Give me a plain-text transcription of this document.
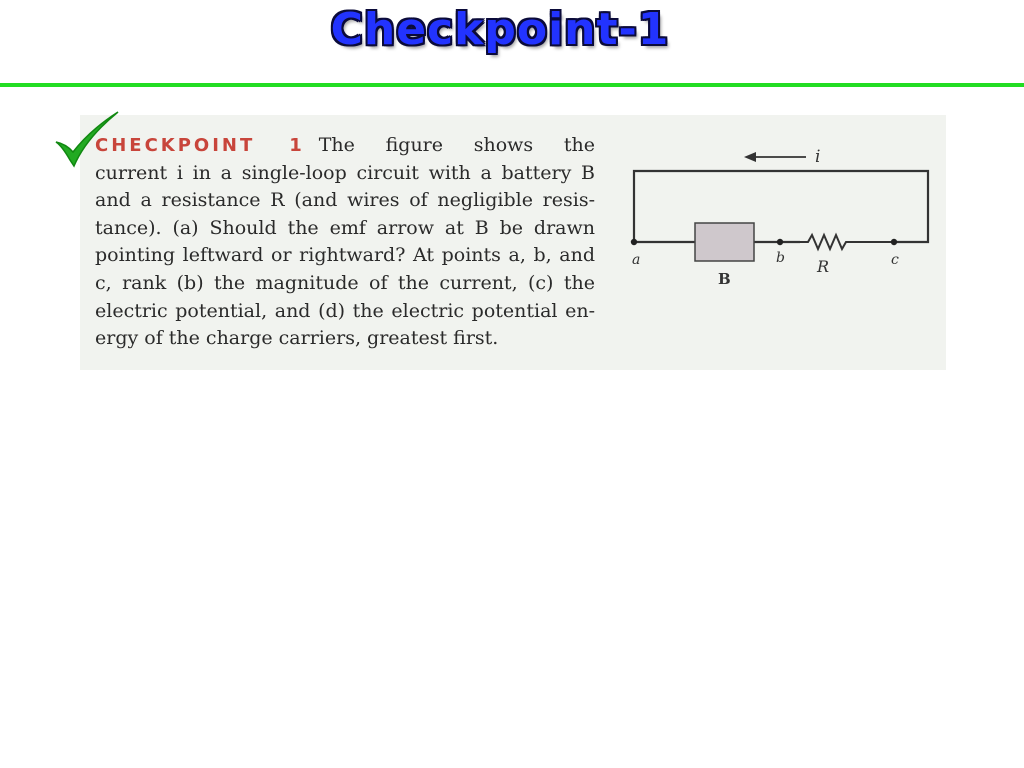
Checkpoint-1
CHECKPOINT 1 The figure shows the
current i in a single-loop circuit with a battery B
and a resistance R (and wires of negligible resis-
tance). (a) Should the emf arrow at B be drawn
pointing leftward or rightward? At points a, b, and
c, rank (b) the magnitude of the current, (c) the
electric potential, and (d) the electric potential en-
ergy of the charge carriers, greatest first.
i
a	b	c
B
R
